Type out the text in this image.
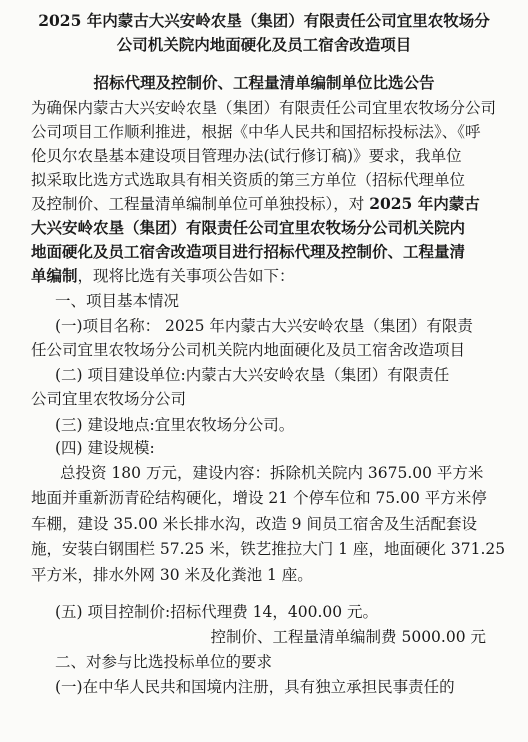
2025 年内蒙古大兴安岭农垦（集团）有限责任公司宜里农牧场分
公司机关院内地面硬化及员工宿舍改造项目
招标代理及控制价、工程量清单编制单位比选公告
为确保内蒙古大兴安岭农垦（集团）有限责任公司宜里农牧场分公司
公司项目工作顺利推进，根据《中华人民共和国招标投标法》、《呼
伦贝尔农垦基本建设项目管理办法(试行修订稿)》要求，我单位
拟采取比选方式选取具有相关资质的第三方单位（招标代理单位
及控制价、工程量清单编制单位可单独投标），对 2025 年内蒙古
大兴安岭农垦（集团）有限责任公司宜里农牧场分公司机关院内
地面硬化及员工宿舍改造项目进行招标代理及控制价、工程量清
单编制，现将比选有关事项公告如下：
一、项目基本情况
(一)项目名称： 2025 年内蒙古大兴安岭农垦（集团）有限责
任公司宜里农牧场分公司机关院内地面硬化及员工宿舍改造项目
(二) 项目建设单位:内蒙古大兴安岭农垦（集团）有限责任
公司宜里农牧场分公司
(三) 建设地点:宜里农牧场分公司。
(四) 建设规模:
总投资 180 万元，建设内容：拆除机关院内 3675.00 平方米
地面并重新沥青砼结构硬化，增设 21 个停车位和 75.00 平方米停
车棚，建设 35.00 米长排水沟，改造 9 间员工宿舍及生活配套设
施，安装白钢围栏 57.25 米，铁艺推拉大门 1 座，地面硬化 371.25
平方米，排水外网 30 米及化粪池 1 座。
(五) 项目控制价:招标代理费 14，400.00 元。
控制价、工程量清单编制费 5000.00 元
二、对参与比选投标单位的要求
(一)在中华人民共和国境内注册，具有独立承担民事责任的
